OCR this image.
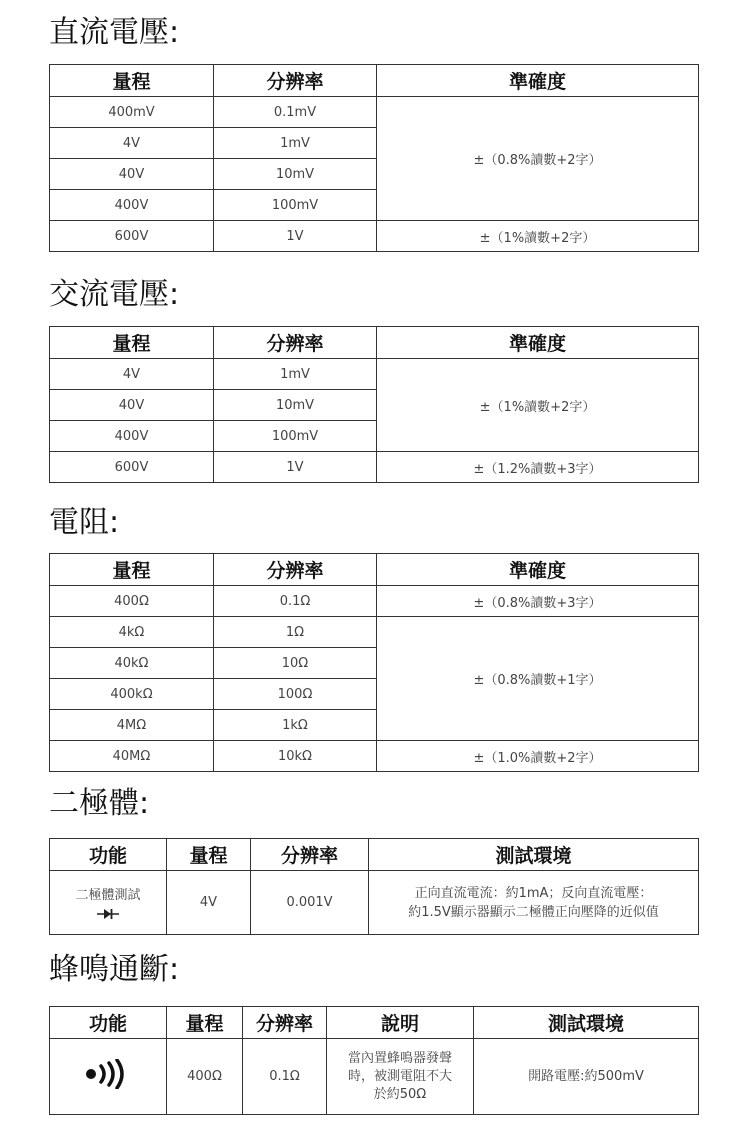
直流電壓:
量程	分辨率	準確度
400mV	0.1mV	±（0.8%讀數+2字）
4V	1mV	
40V	10mV	
400V	100mV	
600V	1V	±（1%讀數+2字）
交流電壓:
量程	分辨率	準確度
4V	1mV	±（1%讀數+2字）
40V	10mV	
400V	100mV	
600V	1V	±（1.2%讀數+3字）
電阻:
量程	分辨率	準確度
400Ω	0.1Ω	±（0.8%讀數+3字）
4kΩ	1Ω	±（0.8%讀數+1字）
40kΩ	10Ω	
400kΩ	100Ω	
4MΩ	1kΩ	
40MΩ	10kΩ	±（1.0%讀數+2字）
二極體:
功能	量程	分辨率	測試環境
二極體測試	4V	0.001V	正向直流電流：約1mA；反向直流電壓：
約1.5V顯示器顯示二極體正向壓降的近似值
蜂鳴通斷:
功能	量程	分辨率	說明	測試環境
	400Ω	0.1Ω	當內置蜂鳴器發聲
時，被測電阻不大
於約50Ω	開路電壓:約500mV
